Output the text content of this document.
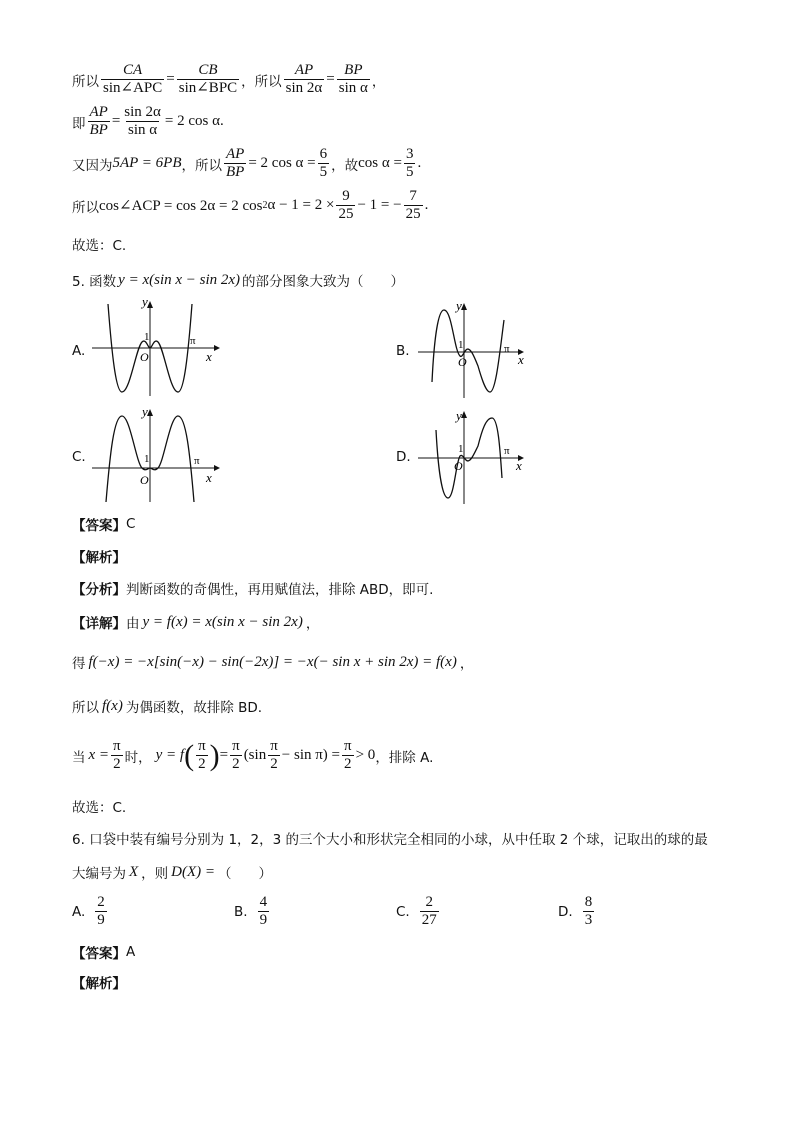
所以 $\frac{CA}{\text{sin∠APC}} = \frac{CB}{\text{sin∠BPC}}$ ，所以 $\frac{AP}{\sin 2\alpha} = \frac{BP}{\text{sin α}}$ ，
即 $\frac{AP}{BP} = \frac{\sin 2\alpha}{\text{sin α}} = 2$ cos α.
又因为 5AP = 6PB ，所以 $\frac{AP}{BP} = 2$ $\cos \alpha = \frac{6}{5}$ ，故 $\cos \alpha = \frac{3}{5}$ .
所以 cos∠ACP = cos 2α = 2 cos 2 $\alpha - 1 = 2 \times \frac{9}{25} - 1$ = − $\frac{7}{25}$ .
故选：C.
5. 函数 y = x(sin x − sin 2x) 的部分图象大致为（　　）
A.
y
x
1
O
π
B.
y
x
1
O
π
C.
y
x
1
O
π	D.
y
x
1
O
π
【答案】 C
【解析】
【分析】 判断函数的奇偶性，再用赋值法，排除 ABD，即可.
【详解】 由 y = f(x) = x(sin x − sin 2x) ，
得 f(−x) = −x[sin(−x) − sin(−2x)] = −x(− sin x + sin 2x) = f(x) ，
所以 f(x) 为偶函数，故排除 BD.
当 $x = \frac{\pi}{2}$ 时， y = f ( $\frac{\pi}{2}$ ) = $\frac{\pi}{2} (\sin \frac{\pi}{2} - \sin \pi) = \frac{\pi}{2} > 0$ ，排除 A.
故选：C.
6. 口袋中装有编号分别为 1，2，3 的三个大小和形状完全相同的小球，从中任取 2 个球，记取出的球的最
大编号为 X ，则 D(X) = （　　）
A. $\frac{2}{9}$	B. $\frac{4}{9}$	C. $\frac{2}{27}$	D. $\frac{8}{3}$
【答案】 A
【解析】
